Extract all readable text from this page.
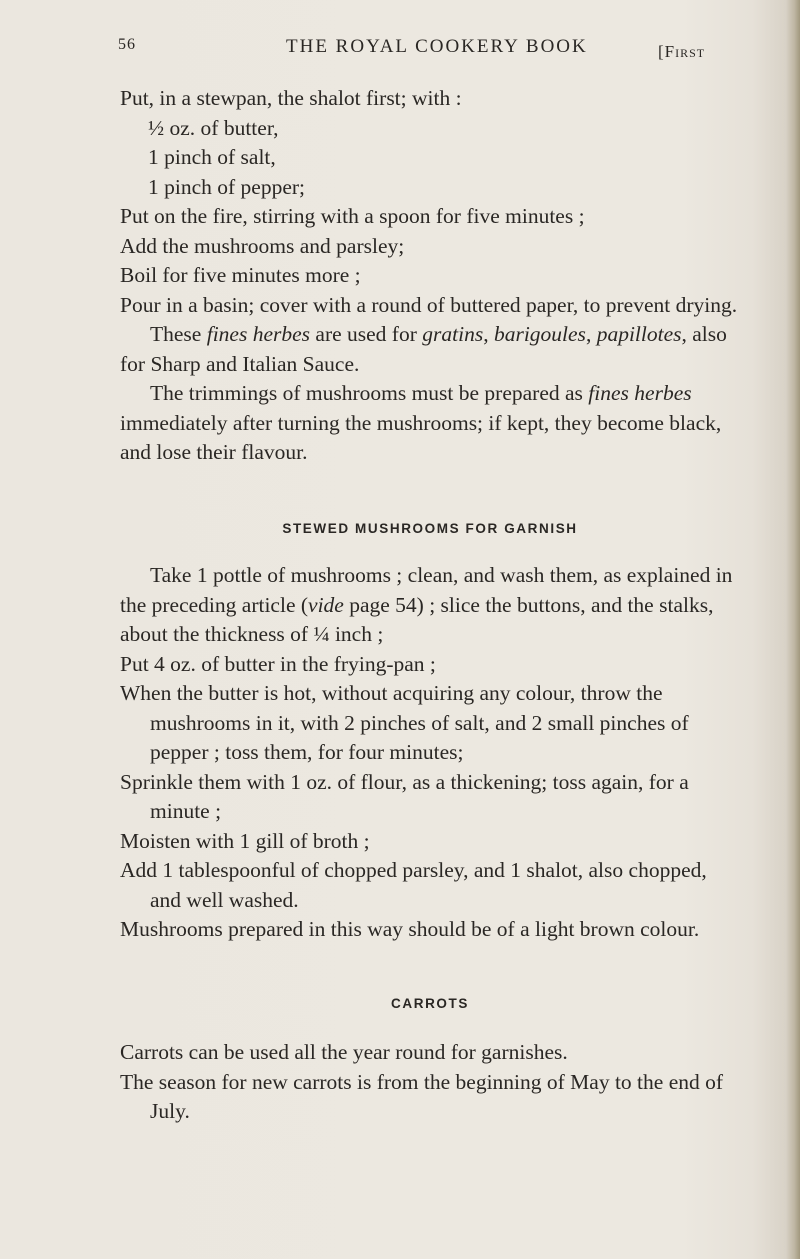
56	THE ROYAL COOKERY BOOK	[First

Put, in a stewpan, the shalot first; with :

½ oz. of butter,

1 pinch of salt,

1 pinch of pepper;

Put on the fire, stirring with a spoon for five minutes ;

Add the mushrooms and parsley;

Boil for five minutes more ;

Pour in a basin; cover with a round of buttered paper, to prevent drying.

These fines herbes are used for gratins, barigoules, papillotes, also for Sharp and Italian Sauce.

The trimmings of mushrooms must be prepared as fines herbes immediately after turning the mushrooms; if kept, they become black, and lose their flavour.

STEWED MUSHROOMS FOR GARNISH

Take 1 pottle of mushrooms ; clean, and wash them, as explained in the preceding article (vide page 54) ; slice the buttons, and the stalks, about the thickness of ¼ inch ;

Put 4 oz. of butter in the frying-pan ;

When the butter is hot, without acquiring any colour, throw the mushrooms in it, with 2 pinches of salt, and 2 small pinches of pepper ; toss them, for four minutes;

Sprinkle them with 1 oz. of flour, as a thickening; toss again, for a minute ;

Moisten with 1 gill of broth ;

Add 1 tablespoonful of chopped parsley, and 1 shalot, also chopped, and well washed.

Mushrooms prepared in this way should be of a light brown colour.

CARROTS

Carrots can be used all the year round for garnishes.

The season for new carrots is from the beginning of May to the end of July.
